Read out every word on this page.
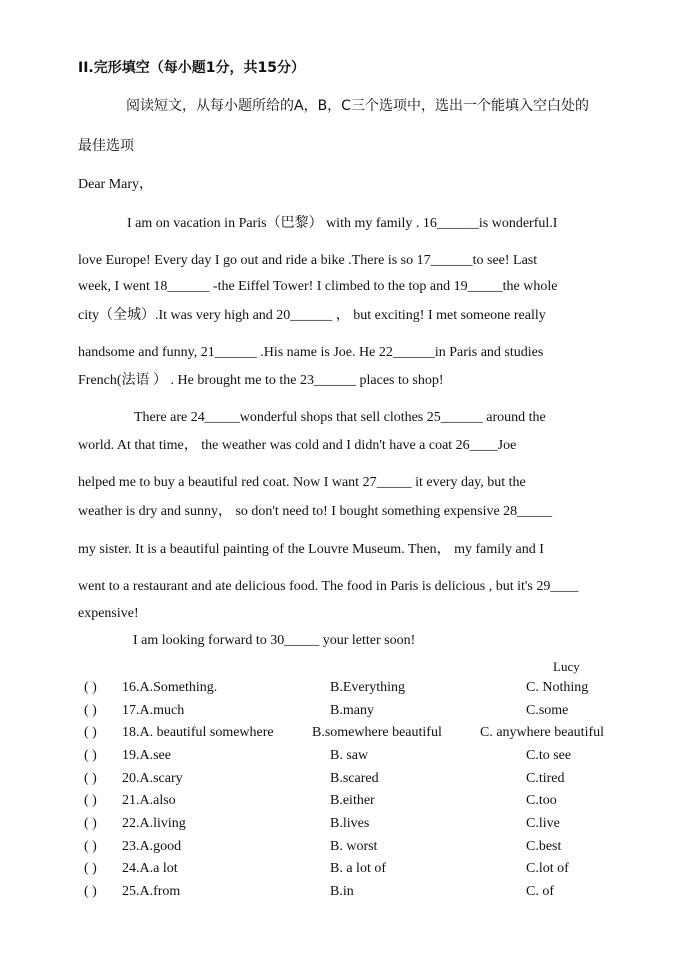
II.完形填空（每小题1分，共15分）
阅读短文，从每小题所给的A，B，C三个选项中，选出一个能填入空白处的
最佳选项
Dear Mary，
I am on vacation in Paris（巴黎） with my family . 16______is wonderful.I
love Europe! Every day I go out and ride a bike .There is so 17______to see! Last
week, I went 18______ -the Eiffel Tower! I climbed to the top and 19_____the whole
city（全城）.It was very high and 20______ ， but exciting! I met someone really
handsome and funny, 21______ .His name is Joe. He 22______in Paris and studies
French(法语 ） . He brought me to the 23______ places to shop!
There are 24_____wonderful shops that sell clothes 25______ around the
world. At that time， the weather was cold and I didn't have a coat 26____Joe
helped me to buy a beautiful red coat. Now I want 27_____ it every day, but the
weather is dry and sunny， so don't need to! I bought something expensive 28_____
my sister. It is a beautiful painting of the Louvre Museum. Then， my family and I
went to a restaurant and ate delicious food. The food in Paris is delicious , but it's 29____
expensive!
I am looking forward to 30_____ your letter soon!
Lucy
( ) 16.A.Something.	B.Everything	C. Nothing
( ) 17.A.much	B.many	C.some
( ) 18.A. beautiful somewhere	B.somewhere beautiful	C. anywhere beautiful
( ) 19.A.see	B. saw	C.to see
( ) 20.A.scary	B.scared	C.tired
( ) 21.A.also	B.either	C.too
( ) 22.A.living	B.lives	C.live
( ) 23.A.good	B. worst	C.best
( ) 24.A.a lot	B. a lot of	C.lot of
( ) 25.A.from	B.in	C. of
